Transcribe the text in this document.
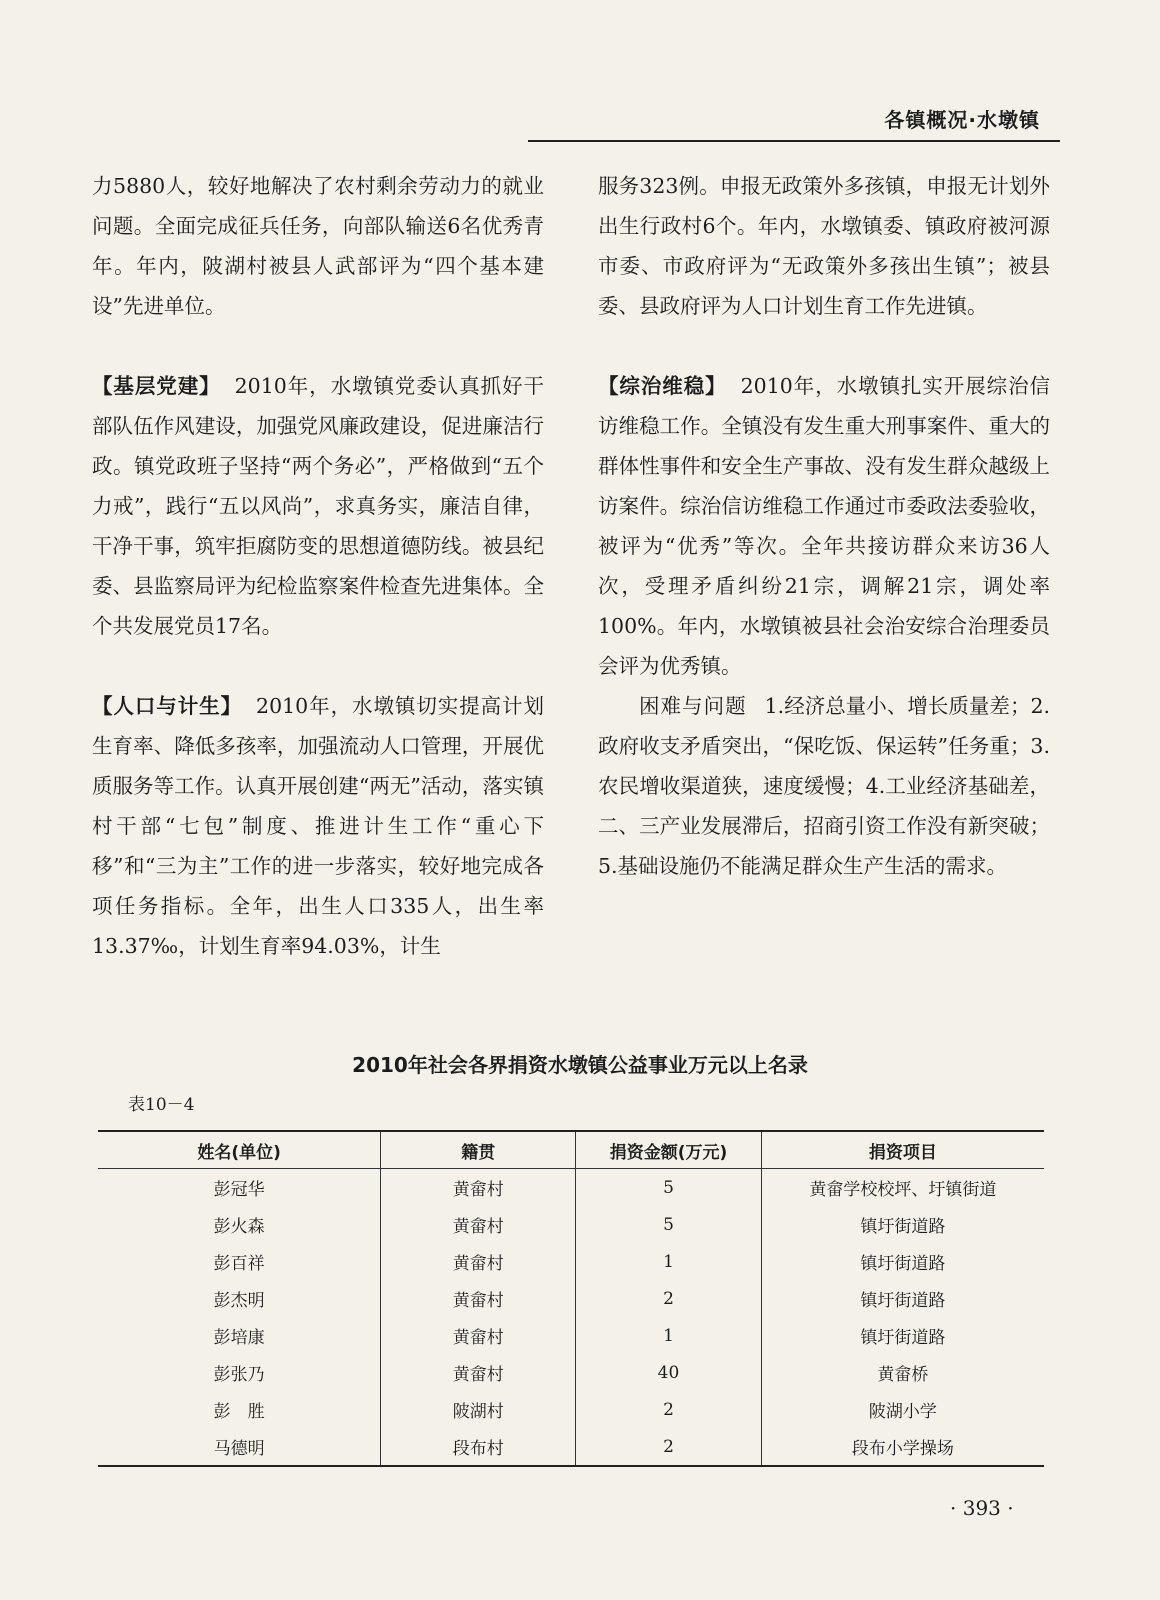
各镇概况·水墩镇

力5880人，较好地解决了农村剩余劳动力的就业问题。全面完成征兵任务，向部队输送6名优秀青年。年内，陂湖村被县人武部评为“四个基本建设”先进单位。

【基层党建】 2010年，水墩镇党委认真抓好干部队伍作风建设，加强党风廉政建设，促进廉洁行政。镇党政班子坚持“两个务必”，严格做到“五个力戒”，践行“五以风尚”，求真务实，廉洁自律，干净干事，筑牢拒腐防变的思想道德防线。被县纪委、县监察局评为纪检监察案件检查先进集体。全个共发展党员17名。

【人口与计生】 2010年，水墩镇切实提高计划生育率、降低多孩率，加强流动人口管理，开展优质服务等工作。认真开展创建“两无”活动，落实镇村干部“七包”制度、推进计生工作“重心下移”和“三为主”工作的进一步落实，较好地完成各项任务指标。全年，出生人口335人，出生率13.37‰，计划生育率94.03%，计生

服务323例。申报无政策外多孩镇，申报无计划外出生行政村6个。年内，水墩镇委、镇政府被河源市委、市政府评为“无政策外多孩出生镇”；被县委、县政府评为人口计划生育工作先进镇。

【综治维稳】 2010年，水墩镇扎实开展综治信访维稳工作。全镇没有发生重大刑事案件、重大的群体性事件和安全生产事故、没有发生群众越级上访案件。综治信访维稳工作通过市委政法委验收，被评为“优秀”等次。全年共接访群众来访36人次，受理矛盾纠纷21宗，调解21宗，调处率100%。年内，水墩镇被县社会治安综合治理委员会评为优秀镇。

困难与问题 1.经济总量小、增长质量差；2.政府收支矛盾突出，“保吃饭、保运转”任务重；3.农民增收渠道狭，速度缓慢；4.工业经济基础差，二、三产业发展滞后，招商引资工作没有新突破；5.基础设施仍不能满足群众生产生活的需求。

2010年社会各界捐资水墩镇公益事业万元以上名录
表10－4
姓名(单位)	籍贯	捐资金额(万元)	捐资项目
彭冠华	黄畲村	5	黄畲学校校坪、圩镇街道
彭火森	黄畲村	5	镇圩街道路
彭百祥	黄畲村	1	镇圩街道路
彭杰明	黄畲村	2	镇圩街道路
彭培康	黄畲村	1	镇圩街道路
彭张乃	黄畲村	40	黄畲桥
彭　胜	陂湖村	2	陂湖小学
马德明	段布村	2	段布小学操场
· 393 ·
